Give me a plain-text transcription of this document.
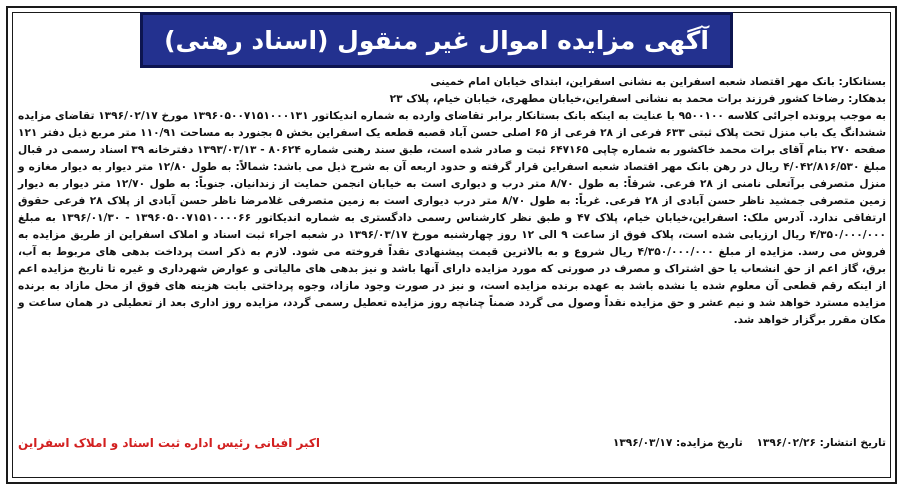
آگهی مزایده اموال غیر منقول (اسناد رهنی)

بستانکار: بانک مهر اقتصاد شعبه اسفراین به نشانی اسفراین، ابتدای خیابان امام خمینی

بدهکار: رضاخا کشور فرزند برات محمد به نشانی اسفراین،خیابان مطهری، خیابان خیام، پلاک ۲۳

به موجب پرونده اجرائی کلاسه ۹۵۰۰۱۰۰ با عنایت به اینکه بانک بستانکار برابر تقاضای وارده به شماره اندیکاتور ۱۳۹۶۰۵۰۰۷۱۵۱۰۰۰۱۳۱ مورخ ۱۳۹۶/۰۲/۱۷ تقاضای مزایده ششدانگ یک باب منزل تحت پلاک ثبتی ۶۳۳ فرعی از ۲۸ فرعی از ۶۵ اصلی حسن آباد قصبه قطعه یک اسفراین بخش ۵ بجنورد به مساحت ۱۱۰/۹۱ متر مربع ذیل دفتر ۱۲۱ صفحه ۲۷۰ بنام آقای برات محمد خاکشور به شماره چاپی ۶۴۷۱۶۵ ثبت و صادر شده است، طبق سند رهنی شماره ۸۰۶۲۴ - ۱۳۹۳/۰۳/۱۳ دفترخانه ۳۹ اسناد رسمی در قبال مبلغ ۴/۰۴۲/۸۱۶/۵۳۰ ریال در رهن بانک مهر اقتصاد شعبه اسفراین قرار گرفته و حدود اربعه آن به شرح ذیل می باشد: شمالاً: به طول ۱۲/۸۰ متر دیوار به دیوار مغازه و منزل متصرفی برآتعلی نامنی از ۲۸ فرعی. شرقاً: به طول ۸/۷۰ متر درب و دیواری است به خیابان انجمن حمایت از زندانیان. جنوباً: به طول ۱۲/۷۰ متر دیوار به دیوار زمین متصرفی جمشید ناظر حسن آبادی از ۲۸ فرعی. غرباً: به طول ۸/۷۰ متر درب دیواری است به زمین متصرفی غلامرضا ناظر حسن آبادی از پلاک ۲۸ فرعی حقوق ارتفاقی ندارد. آدرس ملک: اسفراین،خیابان خیام، پلاک ۴۷ و طبق نظر کارشناس رسمی دادگستری به شماره اندیکاتور ۱۳۹۶۰۵۰۰۷۱۵۱۰۰۰۰۶۶ - ۱۳۹۶/۰۱/۳۰ به مبلغ ۴/۳۵۰/۰۰۰/۰۰۰ ریال ارزیابی شده است، پلاک فوق از ساعت ۹ الی ۱۲ روز چهارشنبه مورخ ۱۳۹۶/۰۳/۱۷ در شعبه اجراء ثبت اسناد و املاک اسفراین از طریق مزایده به فروش می رسد. مزایده از مبلغ ۴/۳۵۰/۰۰۰/۰۰۰ ریال شروع و به بالاترین قیمت پیشنهادی نقداً فروخته می شود. لازم به ذکر است پرداخت بدهی های مربوط به آب، برق، گاز اعم از حق انشعاب یا حق اشتراک و مصرف در صورتی که مورد مزایده دارای آنها باشد و نیز بدهی های مالیاتی و عوارض شهرداری و غیره تا تاریخ مزایده اعم از اینکه رقم قطعی آن معلوم شده یا نشده باشد به عهده برنده مزایده است، و نیز در صورت وجود مازاد، وجوه پرداختی بابت هزینه های فوق از محل مازاد به برنده مزایده مسترد خواهد شد و نیم عشر و حق مزایده نقداً وصول می گردد ضمناً چنانچه روز مزایده تعطیل رسمی گردد، مزایده روز اداری بعد از تعطیلی در همان ساعت و مکان مقرر برگزار خواهد شد.

تاریخ انتشار: ۱۳۹۶/۰۲/۲۶ تاریخ مزایده: ۱۳۹۶/۰۳/۱۷
اکبر افیانی رئیس اداره ثبت اسناد و املاک اسفراین
